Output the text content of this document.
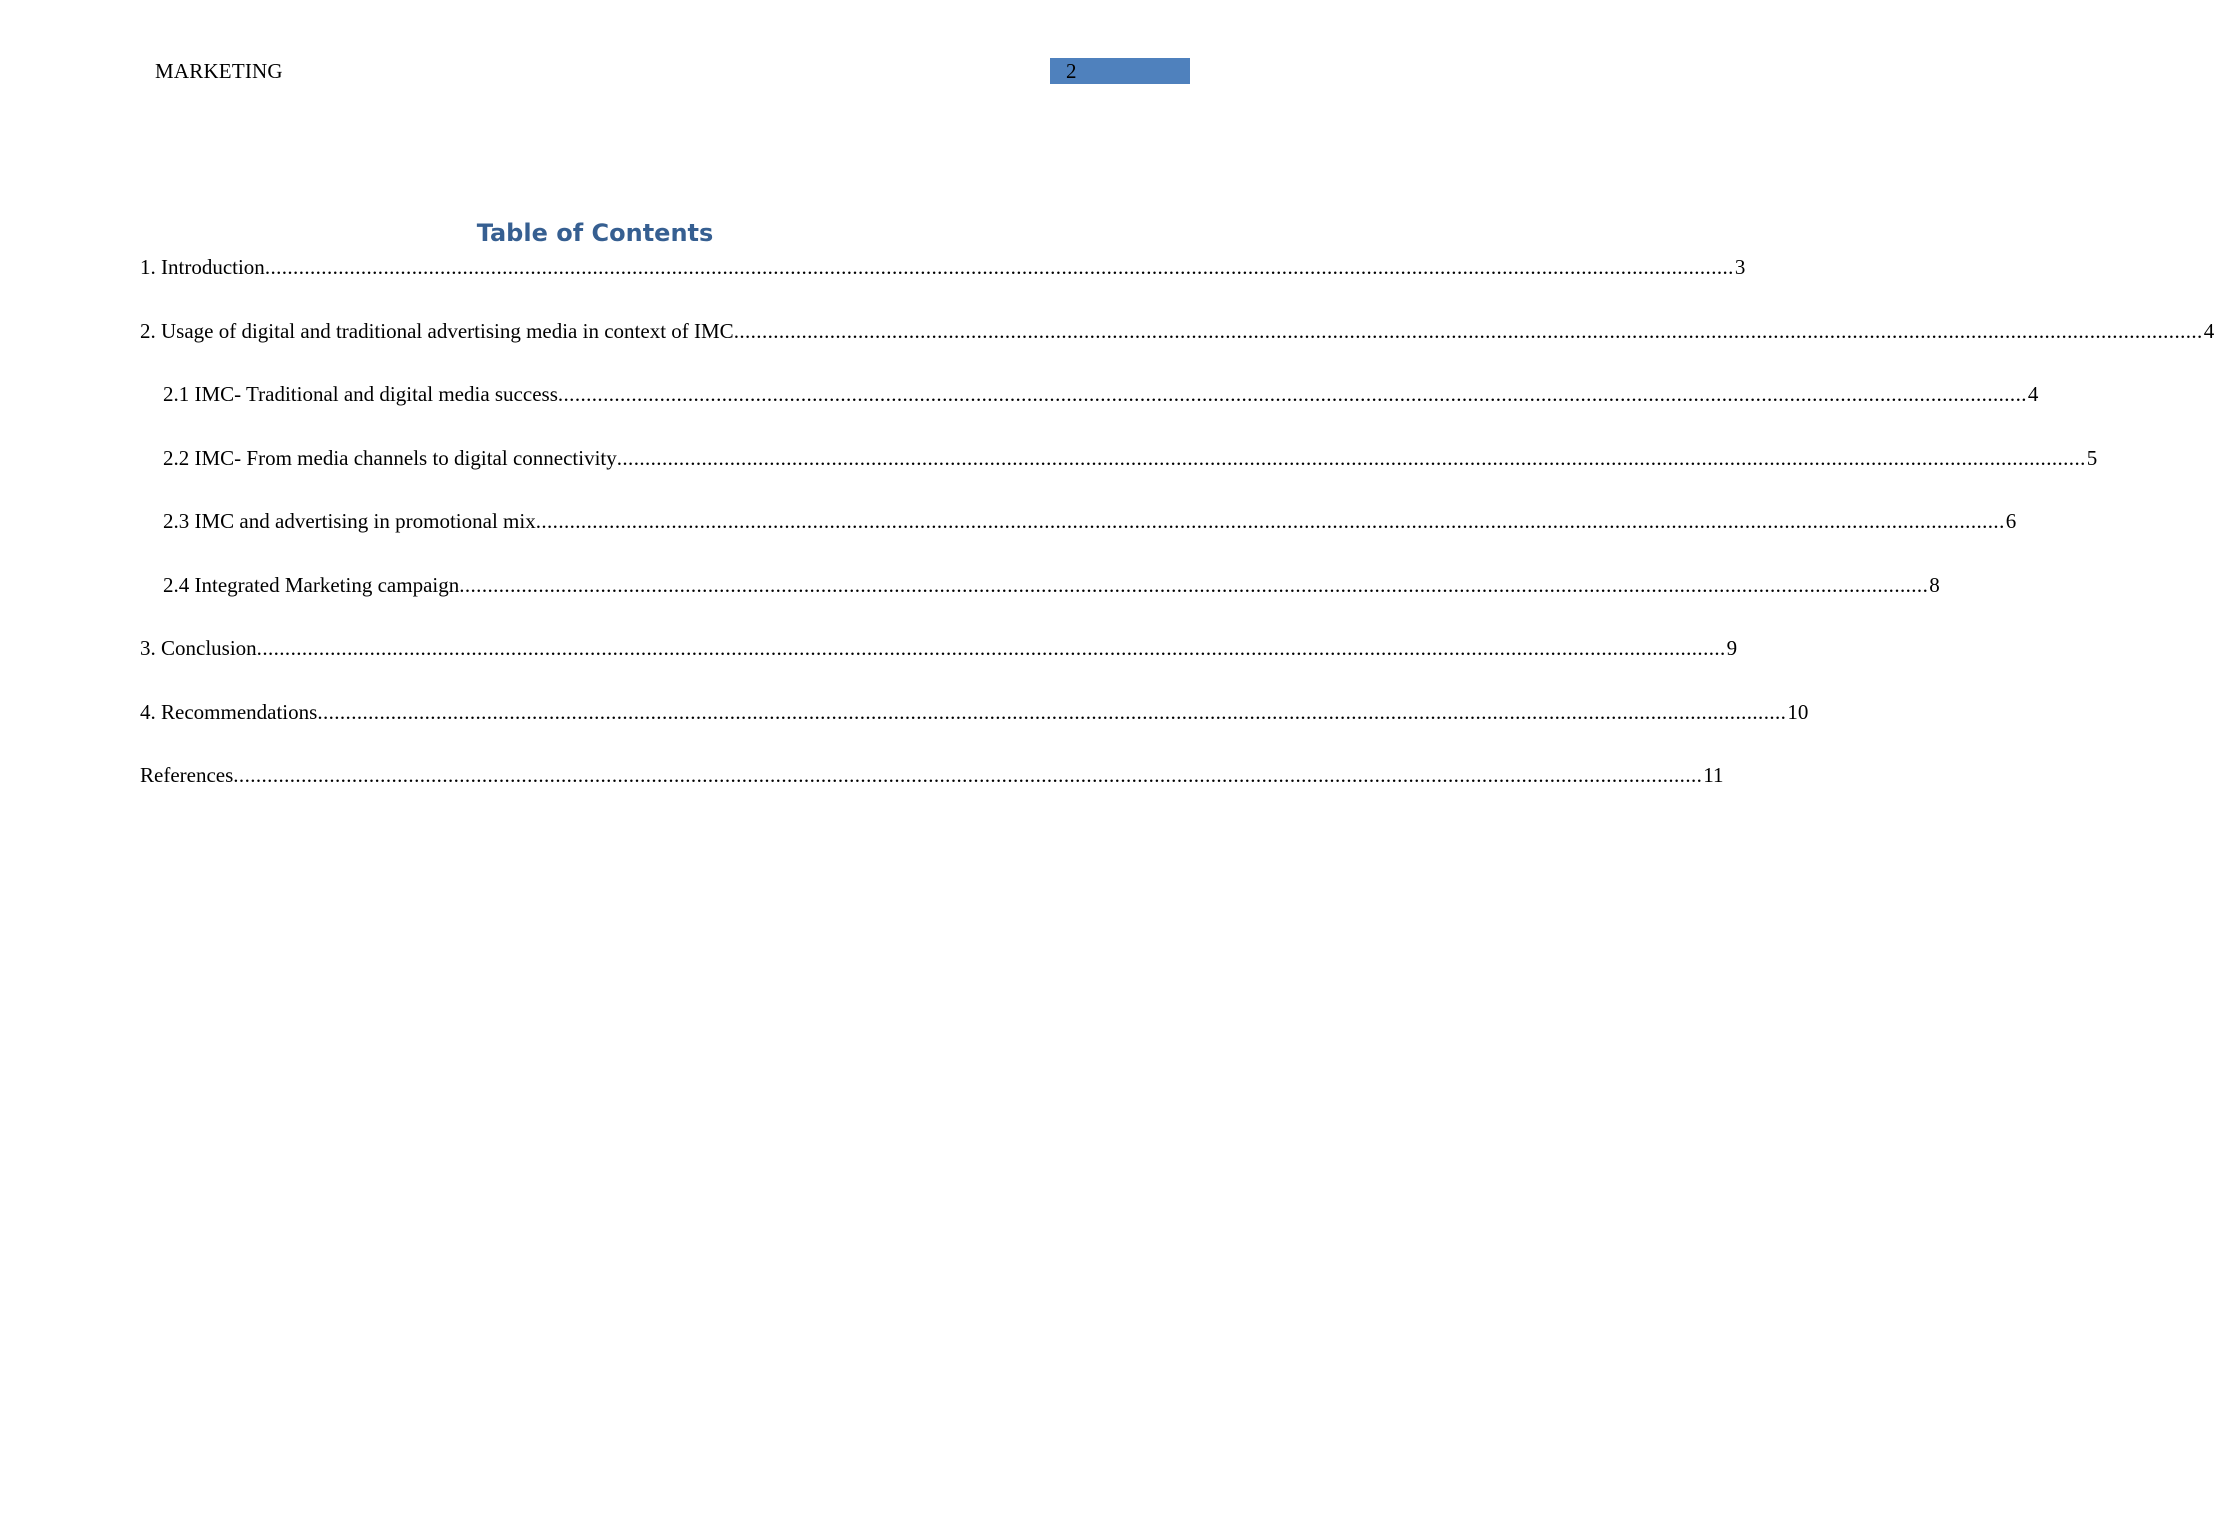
MARKETING	2
Table of Contents
1. Introduction .................................................................................................................................................................................................................................................................... 3
2. Usage of digital and traditional advertising media in context of IMC .................................................................................................................................................................................................................................................................... 4
2.1 IMC- Traditional and digital media success .................................................................................................................................................................................................................................................................... 4
2.2 IMC- From media channels to digital connectivity .................................................................................................................................................................................................................................................................... 5
2.3 IMC and advertising in promotional mix .................................................................................................................................................................................................................................................................... 6
2.4 Integrated Marketing campaign .................................................................................................................................................................................................................................................................... 8
3. Conclusion .................................................................................................................................................................................................................................................................... 9
4. Recommendations .................................................................................................................................................................................................................................................................... 10
References .................................................................................................................................................................................................................................................................... 11
